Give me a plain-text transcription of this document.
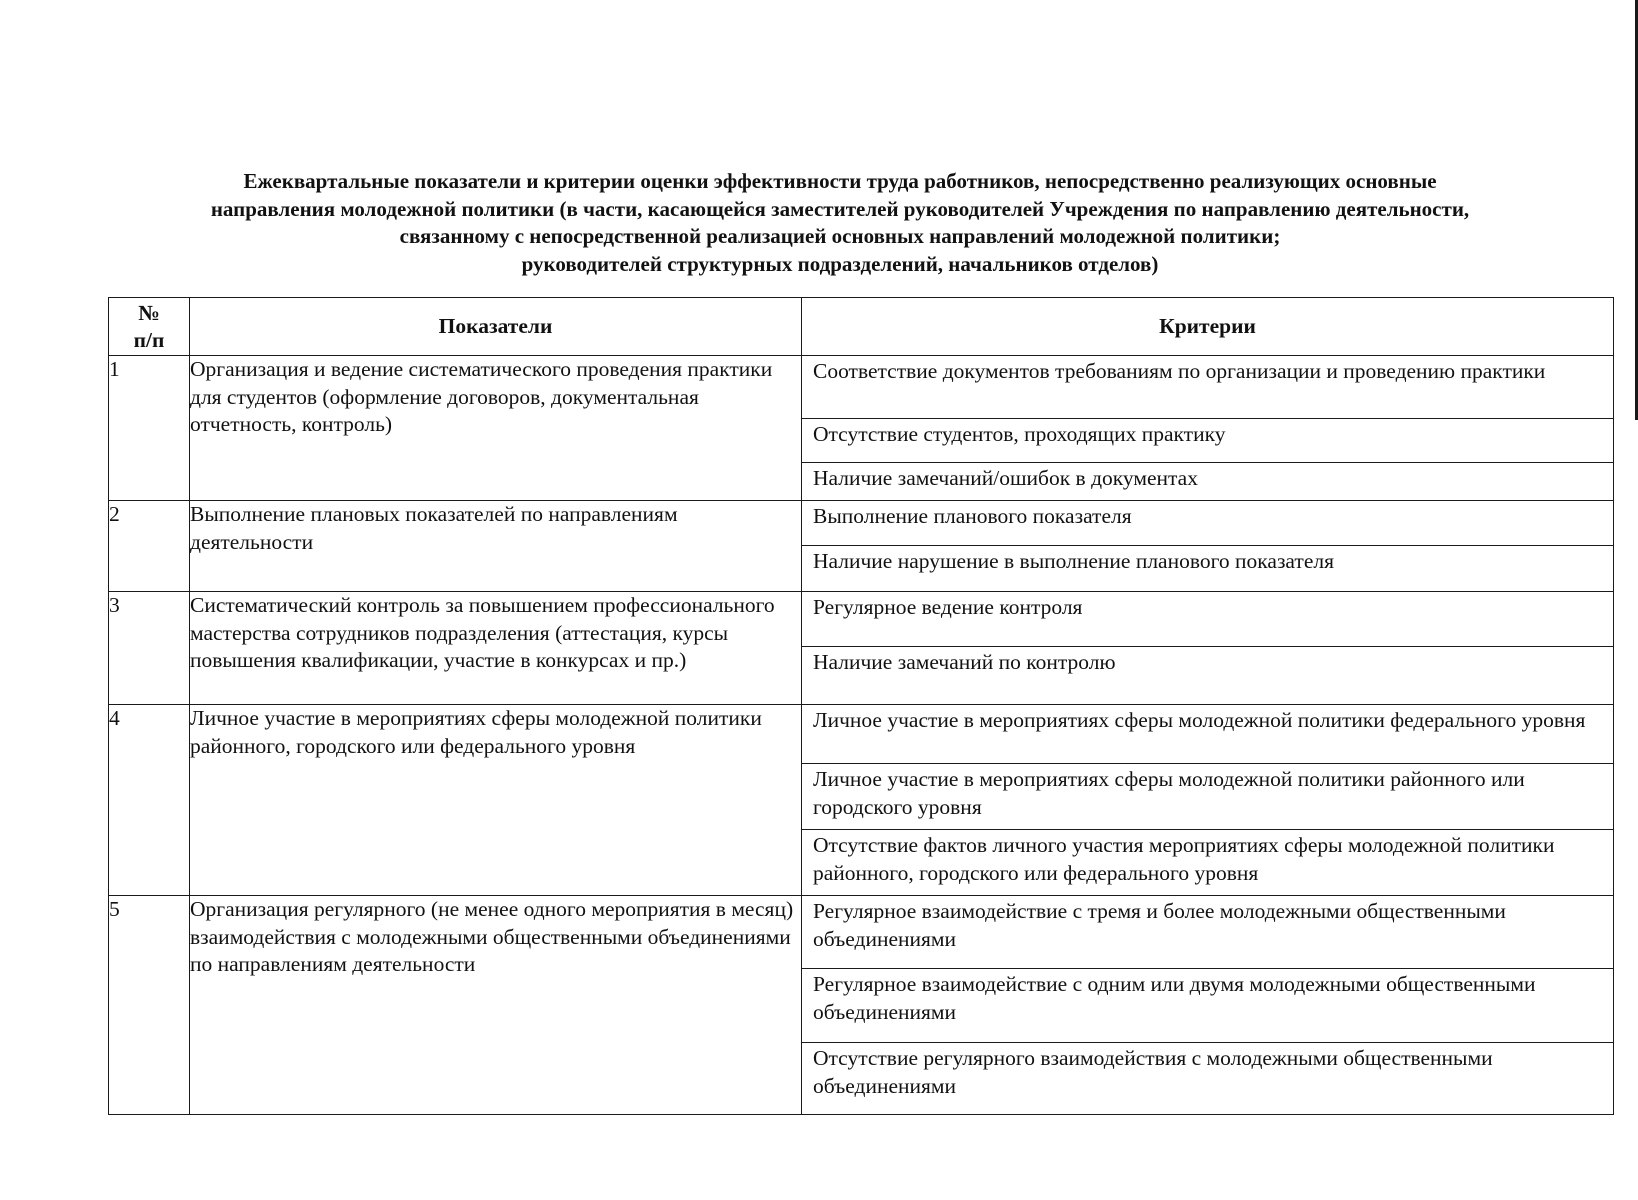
Ежеквартальные показатели и критерии оценки эффективности труда работников, непосредственно реализующих основные
направления молодежной политики (в части, касающейся заместителей руководителей Учреждения по направлению деятельности,
связанному с непосредственной реализацией основных направлений молодежной политики;
руководителей структурных подразделений, начальников отделов)
№
п/п	Показатели	Критерии
1	Организация и ведение систематического проведения практики для студентов (оформление договоров, документальная отчетность, контроль)	Соответствие документов требованиям по организации и проведению практики
Отсутствие студентов, проходящих практику
Наличие замечаний/ошибок в документах

2	Выполнение плановых показателей по направлениям деятельности	Выполнение планового показателя
Наличие нарушение в выполнение планового показателя

3	Систематический контроль за повышением профессионального мастерства сотрудников подразделения (аттестация, курсы повышения квалификации, участие в конкурсах и пр.)	Регулярное ведение контроля
Наличие замечаний по контролю

4	Личное участие в мероприятиях сферы молодежной политики районного, городского или федерального уровня	Личное участие в мероприятиях сферы молодежной политики федерального уровня
Личное участие в мероприятиях сферы молодежной политики районного или городского уровня
Отсутствие фактов личного участия мероприятиях сферы молодежной политики районного, городского или федерального уровня

5	Организация регулярного (не менее одного мероприятия в месяц) взаимодействия с молодежными общественными объединениями по направлениям деятельности	Регулярное взаимодействие с тремя и более молодежными общественными объединениями
Регулярное взаимодействие с одним или двумя молодежными общественными объединениями
Отсутствие регулярного взаимодействия с молодежными общественными объединениями
